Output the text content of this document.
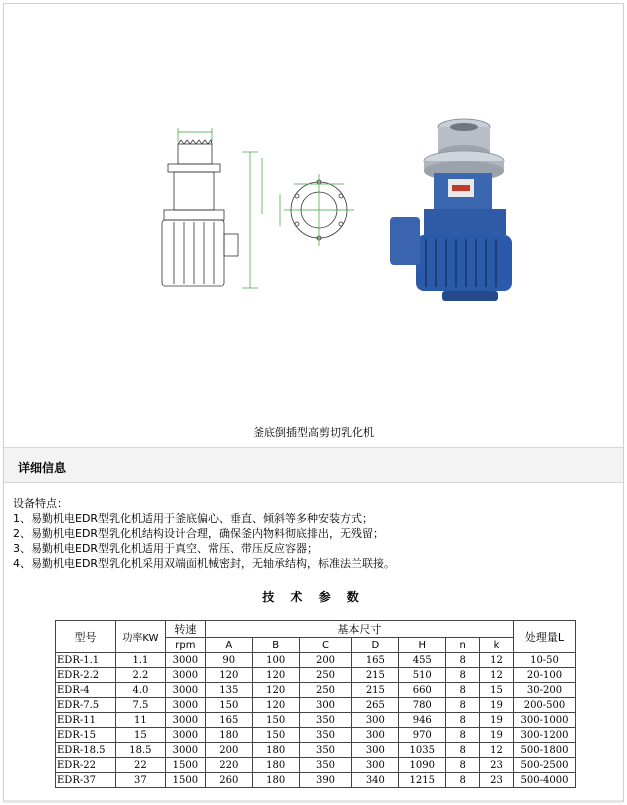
釜底倒插型高剪切乳化机
详细信息
设备特点：
1、易勤机电EDR型乳化机适用于釜底偏心、垂直、倾斜等多种安装方式；
2、易勤机电EDR型乳化机结构设计合理，确保釜内物料彻底排出，无残留；
3、易勤机电EDR型乳化机适用于真空、常压、带压反应容器；
4、易勤机电EDR型乳化机采用双端面机械密封，无轴承结构，标准法兰联接。
技 术 参 数
型号	功率KW	转速	基本尺寸							处理量L
		rpm	A	B	C	D	H	n	k	
EDR-1.1	1.1	3000	90	100	200	165	455	8	12	10-50
EDR-2.2	2.2	3000	120	120	250	215	510	8	12	20-100
EDR-4	4.0	3000	135	120	250	215	660	8	15	30-200
EDR-7.5	7.5	3000	150	120	300	265	780	8	19	200-500
EDR-11	11	3000	165	150	350	300	946	8	19	300-1000
EDR-15	15	3000	180	150	350	300	970	8	19	300-1200
EDR-18.5	18.5	3000	200	180	350	300	1035	8	12	500-1800
EDR-22	22	1500	220	180	350	300	1090	8	23	500-2500
EDR-37	37	1500	260	180	390	340	1215	8	23	500-4000
